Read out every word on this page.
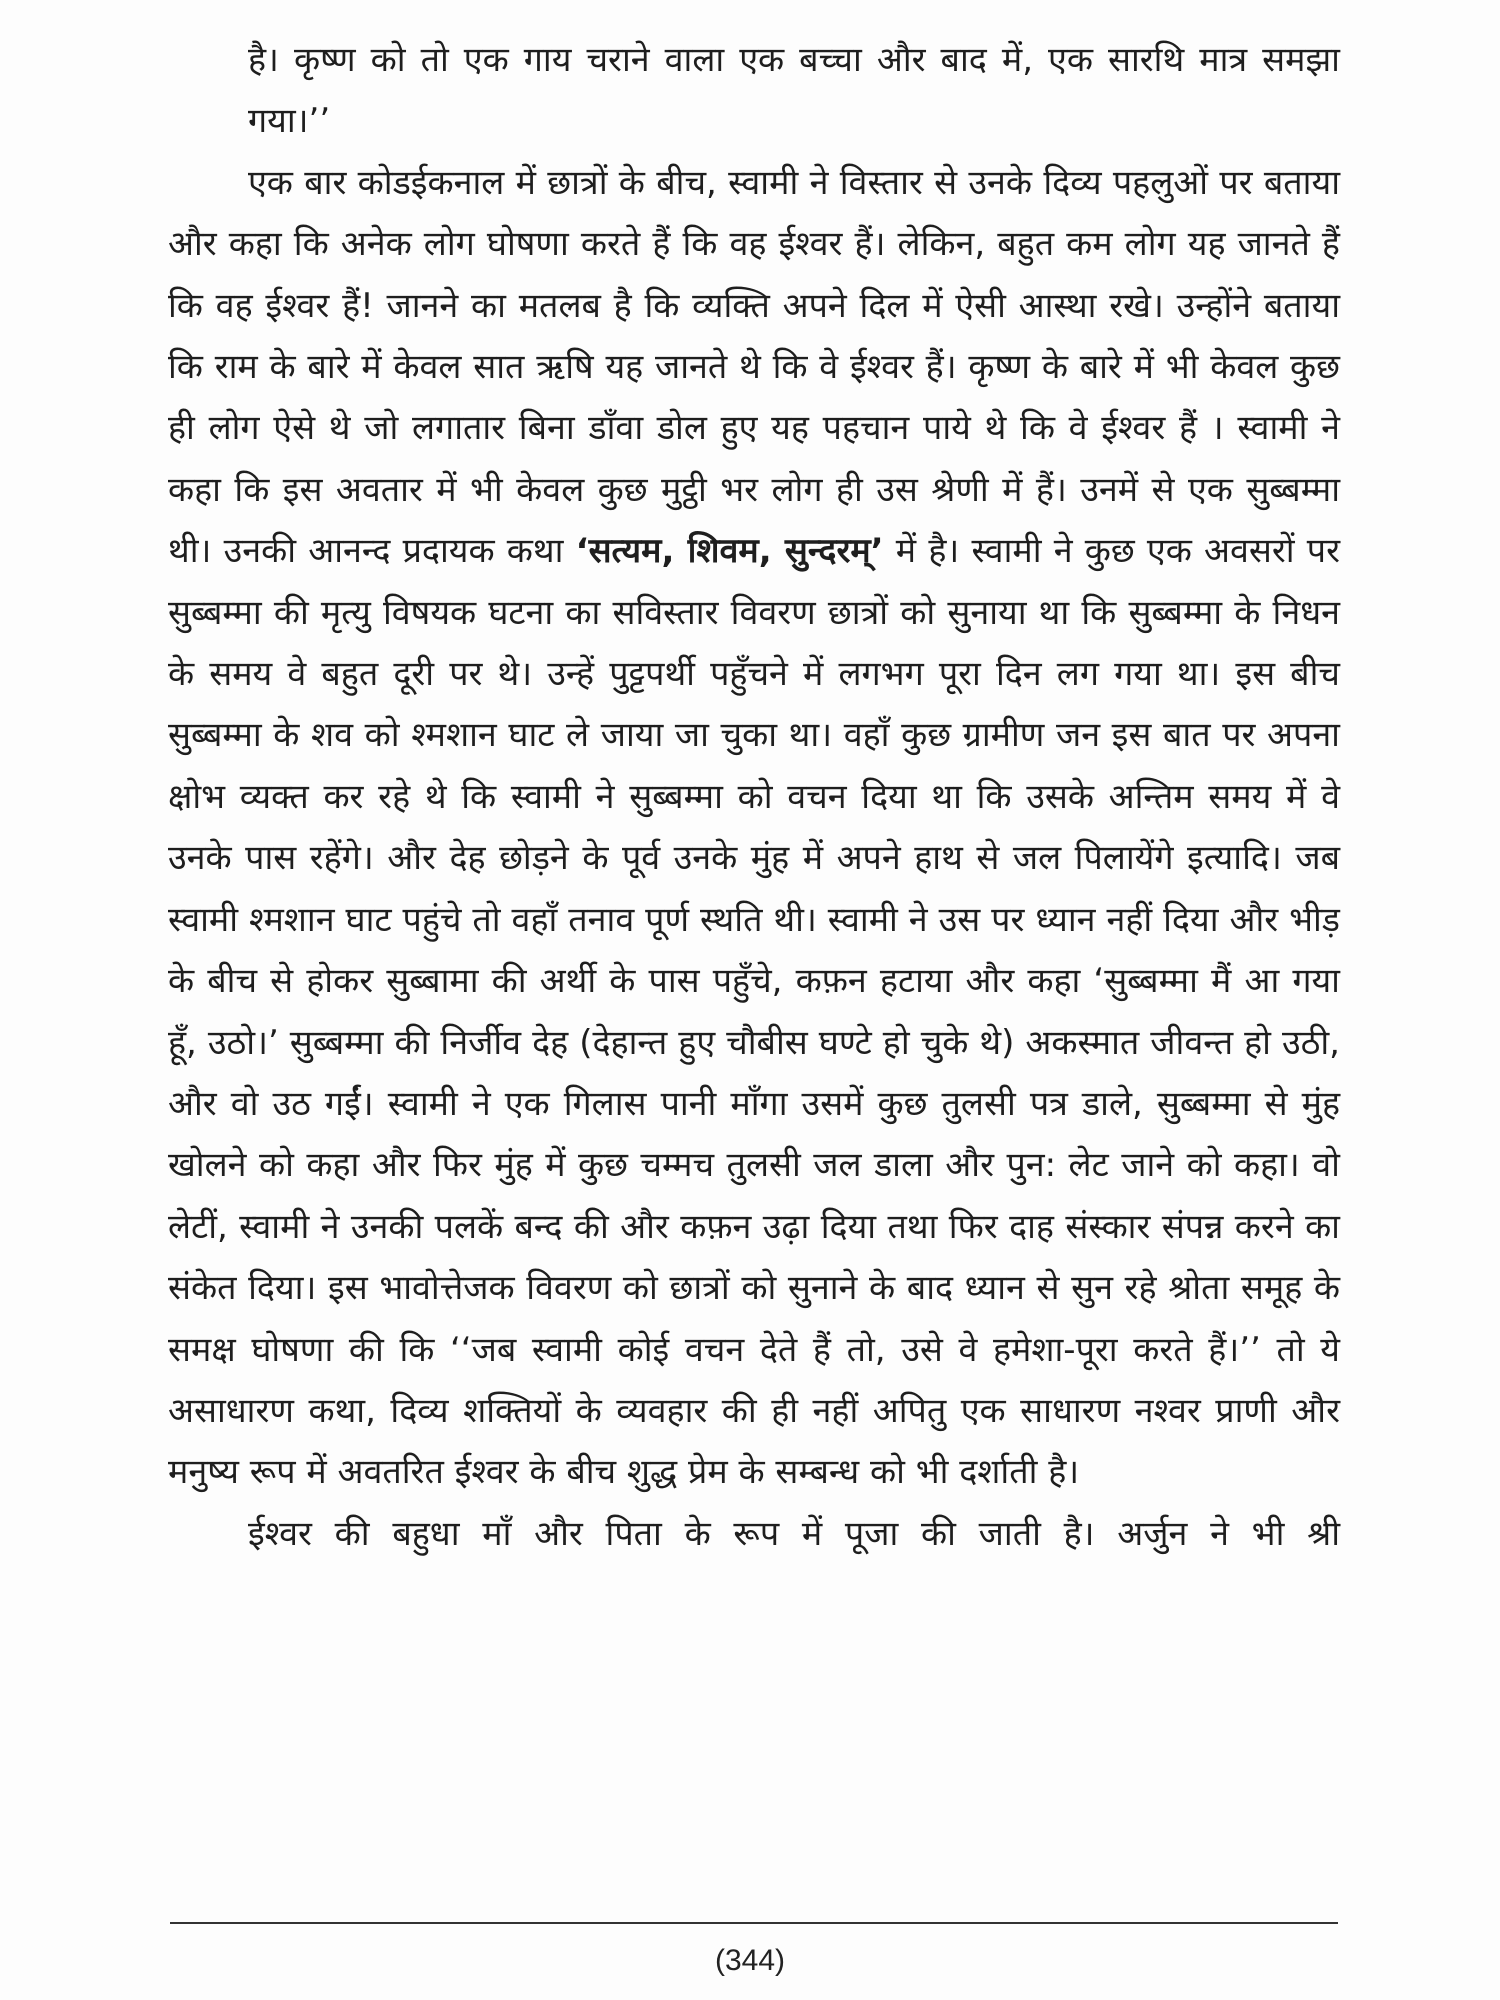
है। कृष्ण को तो एक गाय चराने वाला एक बच्चा और बाद में, एक सारथि मात्र समझा गया।’’

एक बार कोडईकनाल में छात्रों के बीच, स्वामी ने विस्तार से उनके दिव्य पहलुओं पर बताया और कहा कि अनेक लोग घोषणा करते हैं कि वह ईश्वर हैं। लेकिन, बहुत कम लोग यह जानते हैं कि वह ईश्वर हैं! जानने का मतलब है कि व्यक्ति अपने दिल में ऐसी आस्था रखे। उन्होंने बताया कि राम के बारे में केवल सात ऋषि यह जानते थे कि वे ईश्वर हैं। कृष्ण के बारे में भी केवल कुछ ही लोग ऐसे थे जो लगातार बिना डाँवा डोल हुए यह पहचान पाये थे कि वे ईश्वर हैं । स्वामी ने कहा कि इस अवतार में भी केवल कुछ मुट्ठी भर लोग ही उस श्रेणी में हैं। उनमें से एक सुब्बम्मा थी। उनकी आनन्द प्रदायक कथा ‘सत्यम, शिवम, सुन्दरम्’ में है। स्वामी ने कुछ एक अवसरों पर सुब्बम्मा की मृत्यु विषयक घटना का सविस्तार विवरण छात्रों को सुनाया था कि सुब्बम्मा के निधन के समय वे बहुत दूरी पर थे। उन्हें पुट्टपर्थी पहुँचने में लगभग पूरा दिन लग गया था। इस बीच सुब्बम्मा के शव को श्मशान घाट ले जाया जा चुका था। वहाँ कुछ ग्रामीण जन इस बात पर अपना क्षोभ व्यक्त कर रहे थे कि स्वामी ने सुब्बम्मा को वचन दिया था कि उसके अन्तिम समय में वे उनके पास रहेंगे। और देह छोड़ने के पूर्व उनके मुंह में अपने हाथ से जल पिलायेंगे इत्यादि। जब स्वामी श्मशान घाट पहुंचे तो वहाँ तनाव पूर्ण स्थति थी। स्वामी ने उस पर ध्यान नहीं दिया और भीड़ के बीच से होकर सुब्बामा की अर्थी के पास पहुँचे, कफ़न हटाया और कहा ‘सुब्बम्मा मैं आ गया हूँ, उठो।’ सुब्बम्मा की निर्जीव देह (देहान्त हुए चौबीस घण्टे हो चुके थे) अकस्मात जीवन्त हो उठी, और वो उठ गईं। स्वामी ने एक गिलास पानी माँगा उसमें कुछ तुलसी पत्र डाले, सुब्बम्मा से मुंह खोलने को कहा और फिर मुंह में कुछ चम्मच तुलसी जल डाला और पुन: लेट जाने को कहा। वो लेटीं, स्वामी ने उनकी पलकें बन्द की और कफ़न उढ़ा दिया तथा फिर दाह संस्कार संपन्न करने का संकेत दिया। इस भावोत्तेजक विवरण को छात्रों को सुनाने के बाद ध्यान से सुन रहे श्रोता समूह के समक्ष घोषणा की कि ‘‘जब स्वामी कोई वचन देते हैं तो, उसे वे हमेशा-पूरा करते हैं।’’ तो ये असाधारण कथा, दिव्य शक्तियों के व्यवहार की ही नहीं अपितु एक साधारण नश्वर प्राणी और मनुष्य रूप में अवतरित ईश्वर के बीच शुद्ध प्रेम के सम्बन्ध को भी दर्शाती है।

ईश्वर की बहुधा माँ और पिता के रूप में पूजा की जाती है। अर्जुन ने भी श्री

(344)
